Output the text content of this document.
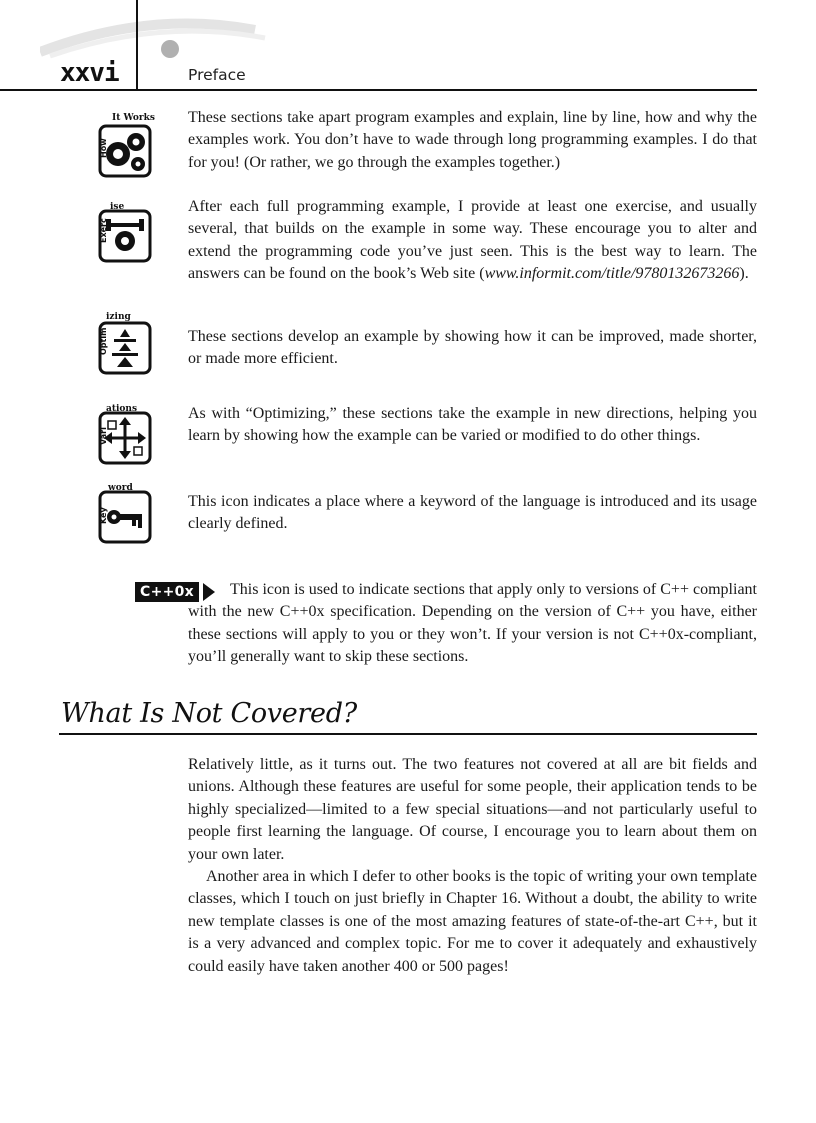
xxvi	Preface
How
It Works These sections take apart program examples and explain, line by line, how and why the examples work. You don’t have to wade through long programming examples. I do that for you! (Or rather, we go through the examples together.)

Exerc
ise	After each full programming example, I provide at least one exercise, and usually several, that builds on the example in some way. These encourage you to alter and extend the programming code you’ve just seen. This is the best way to learn. The answers can be found on the book’s Web site (www.informit.com/title/9780132673266).

Optim
izing

These sections develop an example by showing how it can be improved, made shorter, or made more efficient.

Vari
ations	As with “Optimizing,” these sections take the example in new directions, helping you learn by showing how the example can be varied or modified to do other things.

Key
word

This icon indicates a place where a keyword of the language is introduced and its usage clearly defined.

C++0x	This icon is used to indicate sections that apply only to versions of C++ compliant with the new C++0x specification. Depending on the version of C++ you have, either these sections will apply to you or they won’t. If your version is not C++0x-compliant, you’ll generally want to skip these sections.

What Is Not Covered?

Relatively little, as it turns out. The two features not covered at all are bit fields and unions. Although these features are useful for some people, their application tends to be highly specialized—limited to a few special situations—and not particularly useful to people first learning the language. Of course, I encourage you to learn about them on your own later.

Another area in which I defer to other books is the topic of writing your own template classes, which I touch on just briefly in Chapter 16. Without a doubt, the ability to write new template classes is one of the most amazing features of state-of-the-art C++, but it is a very advanced and complex topic. For me to cover it adequately and exhaustively could easily have taken another 400 or 500 pages!
